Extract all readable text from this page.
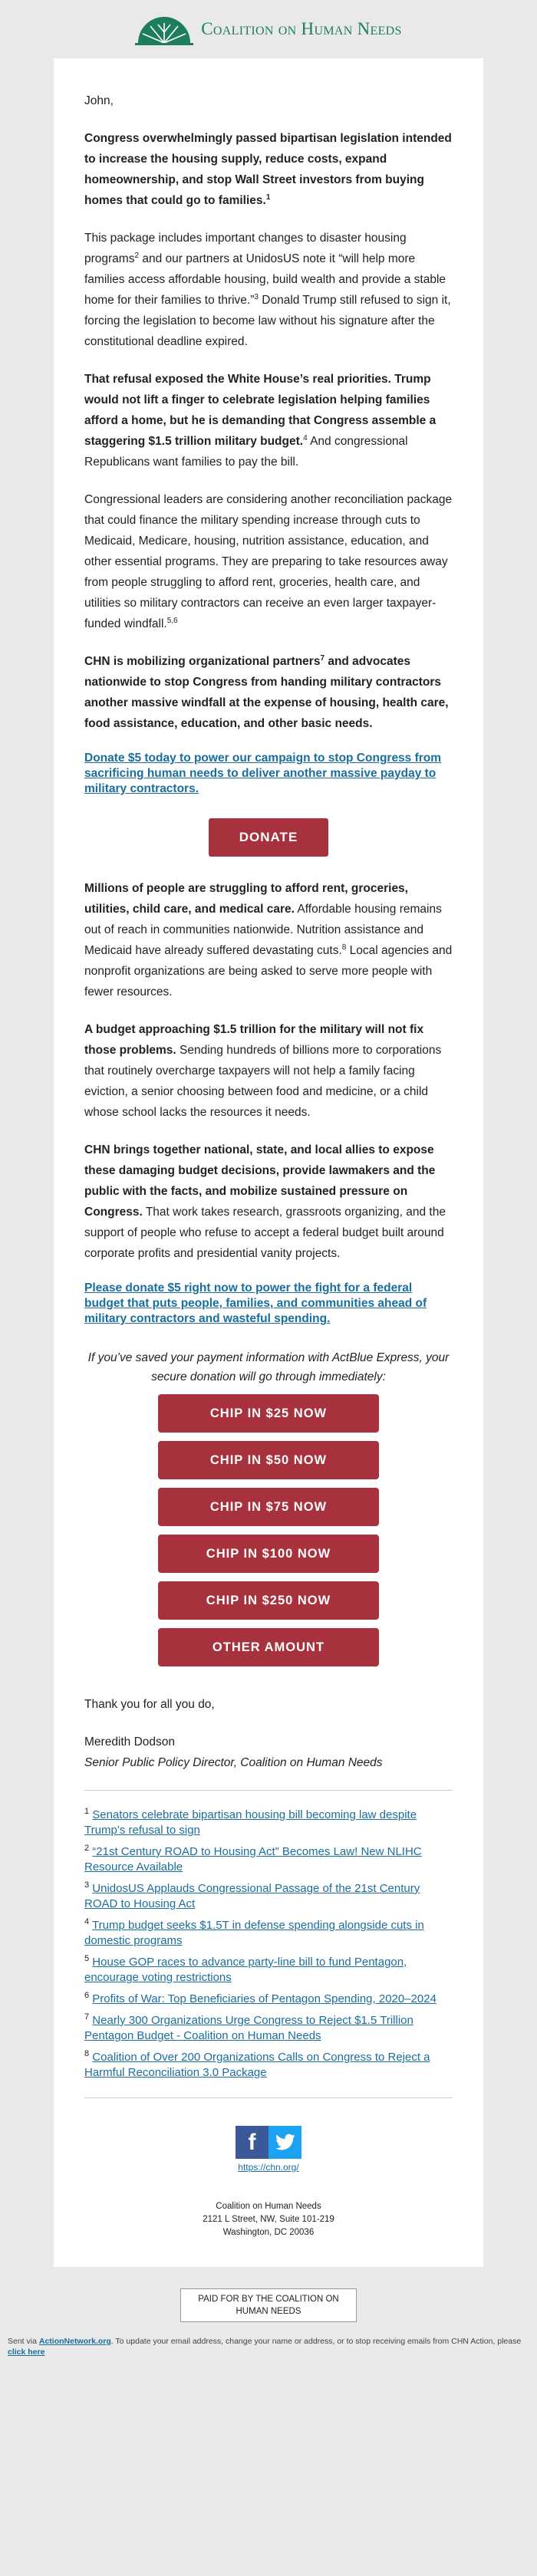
Coalition on Human Needs

John,

Congress overwhelmingly passed bipartisan legislation intended to increase the housing supply, reduce costs, expand homeownership, and stop Wall Street investors from buying homes that could go to families.$^1$

This package includes important changes to disaster housing programs$^2$ and our partners at UnidosUS note it “will help more families access affordable housing, build wealth and provide a stable home for their families to thrive.”$^3$ Donald Trump still refused to sign it, forcing the legislation to become law without his signature after the constitutional deadline expired.

That refusal exposed the White House’s real priorities. Trump would not lift a finger to celebrate legislation helping families afford a home, but he is demanding that Congress assemble a staggering $1.5 trillion military budget.$^4$ And congressional Republicans want families to pay the bill.

Congressional leaders are considering another reconciliation package that could finance the military spending increase through cuts to Medicaid, Medicare, housing, nutrition assistance, education, and other essential programs. They are preparing to take resources away from people struggling to afford rent, groceries, health care, and utilities so military contractors can receive an even larger taxpayer-funded windfall.$^{5,6}$

CHN is mobilizing organizational partners$^7$ and advocates nationwide to stop Congress from handing military contractors another massive windfall at the expense of housing, health care, food assistance, education, and other basic needs.

Donate $5 today to power our campaign to stop Congress from sacrificing human needs to deliver another massive payday to military contractors.
DONATE

Millions of people are struggling to afford rent, groceries, utilities, child care, and medical care. Affordable housing remains out of reach in communities nationwide. Nutrition assistance and Medicaid have already suffered devastating cuts.$^8$ Local agencies and nonprofit organizations are being asked to serve more people with fewer resources.

A budget approaching $1.5 trillion for the military will not fix those problems. Sending hundreds of billions more to corporations that routinely overcharge taxpayers will not help a family facing eviction, a senior choosing between food and medicine, or a child whose school lacks the resources it needs.

CHN brings together national, state, and local allies to expose these damaging budget decisions, provide lawmakers and the public with the facts, and mobilize sustained pressure on Congress. That work takes research, grassroots organizing, and the support of people who refuse to accept a federal budget built around corporate profits and presidential vanity projects.

Please donate $5 right now to power the fight for a federal budget that puts people, families, and communities ahead of military contractors and wasteful spending.

If you’ve saved your payment information with ActBlue Express, your secure donation will go through immediately:

CHIP IN $25 NOW
CHIP IN $50 NOW
CHIP IN $75 NOW
CHIP IN $100 NOW
CHIP IN $250 NOW
OTHER AMOUNT

Thank you for all you do,

Meredith Dodson

Senior Public Policy Director, Coalition on Human Needs

$^1$ Senators celebrate bipartisan housing bill becoming law despite Trump’s refusal to sign

$^2$ “21st Century ROAD to Housing Act” Becomes Law! New NLIHC Resource Available

$^3$ UnidosUS Applauds Congressional Passage of the 21st Century ROAD to Housing Act

$^4$ Trump budget seeks $1.5T in defense spending alongside cuts in domestic programs

$^5$ House GOP races to advance party-line bill to fund Pentagon, encourage voting restrictions

$^6$ Profits of War: Top Beneficiaries of Pentagon Spending, 2020–2024

$^7$ Nearly 300 Organizations Urge Congress to Reject $1.5 Trillion Pentagon Budget - Coalition on Human Needs

$^8$ Coalition of Over 200 Organizations Calls on Congress to Reject a Harmful Reconciliation 3.0 Package

f
https://chn.org/
Coalition on Human Needs
2121 L Street, NW, Suite 101-219
Washington, DC 20036
PAID FOR BY THE COALITION ON HUMAN NEEDS
Sent via ActionNetwork.org. To update your email address, change your name or address, or to stop receiving emails from CHN Action, please click here
